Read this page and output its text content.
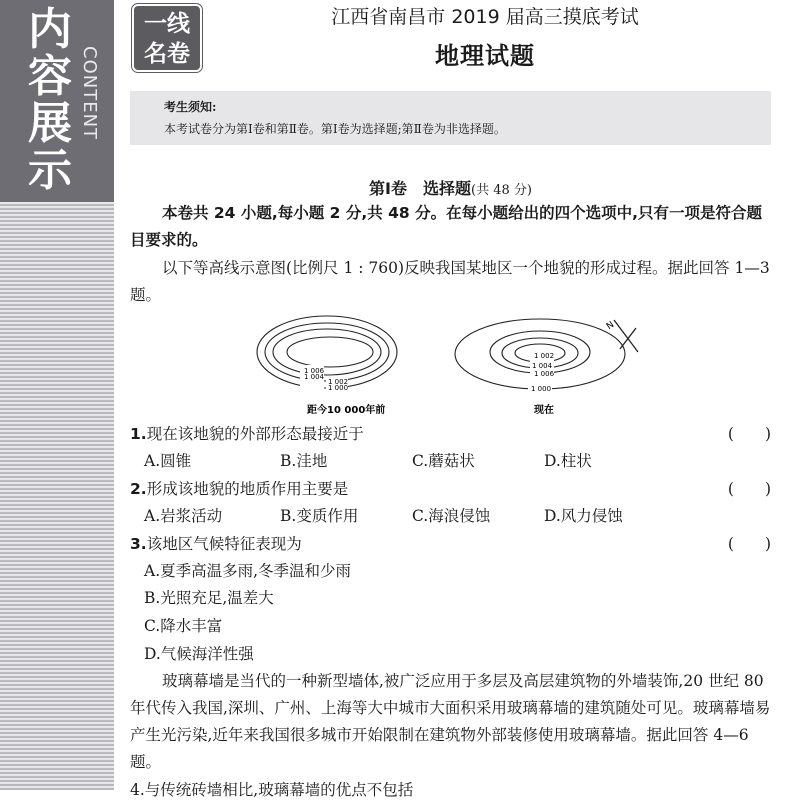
内
容
展
示
CONTENT
一线
名卷
江西省南昌市 2019 届高三摸底考试
地理试题
考生须知:
本考试卷分为第Ⅰ卷和第Ⅱ卷。第Ⅰ卷为选择题;第Ⅱ卷为非选择题。
第Ⅰ卷　选择题(共 48 分)
本卷共 24 小题,每小题 2 分,共 48 分。在每小题给出的四个选项中,只有一项是符合题目要求的。
以下等高线示意图(比例尺 1 : 760)反映我国某地区一个地貌的形成过程。据此回答 1—3 题。
1 006
1 004
1 002
1 000
1 002
1 004
1 006
1 000
N
距今10 000年前	现在
1.现在该地貌的外部形态最接近于	(　　)
A.圆锥	B.洼地	C.蘑菇状	D.柱状
2.形成该地貌的地质作用主要是	(　　)
A.岩浆活动	B.变质作用	C.海浪侵蚀	D.风力侵蚀
3.该地区气候特征表现为	(　　)
A.夏季高温多雨,冬季温和少雨
B.光照充足,温差大
C.降水丰富
D.气候海洋性强
玻璃幕墙是当代的一种新型墙体,被广泛应用于多层及高层建筑物的外墙装饰,20 世纪 80 年代传入我国,深圳、广州、上海等大中城市大面积采用玻璃幕墙的建筑随处可见。玻璃幕墙易产生光污染,近年来我国很多城市开始限制在建筑物外部装修使用玻璃幕墙。据此回答 4—6 题。
4.与传统砖墙相比,玻璃幕墙的优点不包括
